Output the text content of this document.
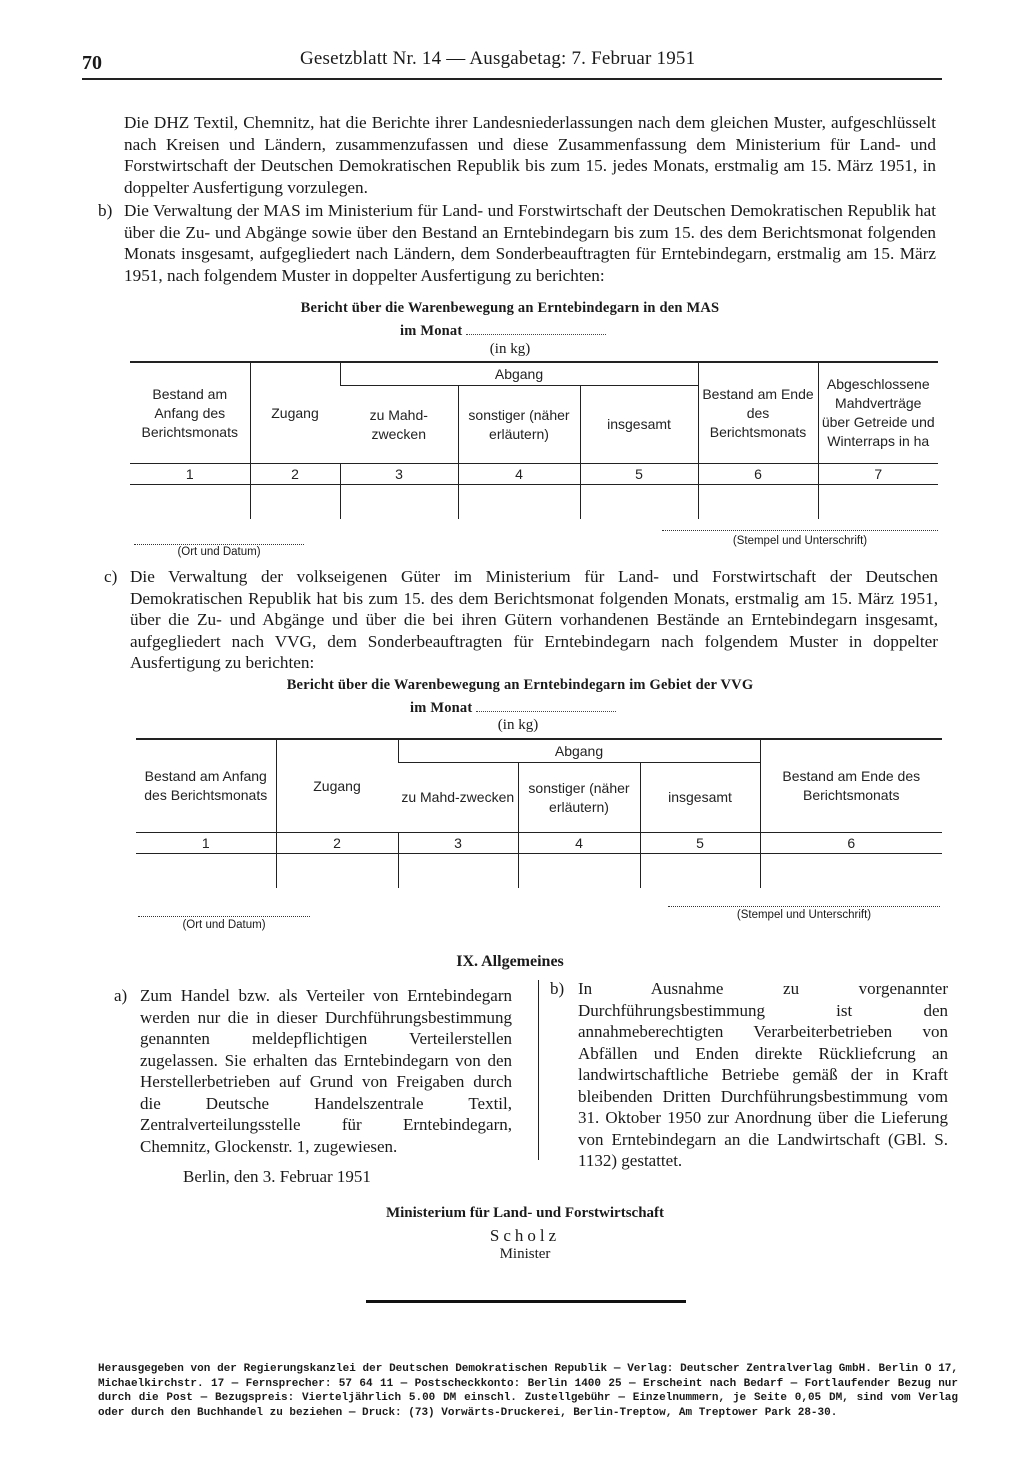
70	Gesetzblatt Nr. 14 — Ausgabetag: 7. Februar 1951

Die DHZ Textil, Chemnitz, hat die Berichte ihrer Landesniederlassungen nach dem gleichen Muster, aufgeschlüsselt nach Kreisen und Ländern, zusammenzufassen und diese Zusammenfassung dem Ministerium für Land- und Forstwirtschaft der Deutschen Demokratischen Republik bis zum 15. jedes Monats, erstmalig am 15. März 1951, in doppelter Ausfertigung vorzulegen.

b) Die Verwaltung der MAS im Ministerium für Land- und Forstwirtschaft der Deutschen Demokratischen Republik hat über die Zu- und Abgänge sowie über den Bestand an Erntebindegarn bis zum 15. des dem Berichtsmonat folgenden Monats insgesamt, aufgegliedert nach Ländern, dem Sonderbeauftragten für Erntebindegarn, erstmalig am 15. März 1951, nach folgendem Muster in doppelter Ausfertigung zu berichten:

Bericht über die Warenbewegung an Erntebindegarn in den MAS
im Monat
(in kg)
Bestand am Anfang des Berichtsmonats	Zugang	Abgang			Bestand am Ende des Berichtsmonats	Abgeschlossene Mahdverträge über Getreide und Winterraps in ha
		zu Mahd-zwecken	sonstiger (näher erläutern)	insgesamt		
1	2	3	4	5	6	7

(Ort und Datum)
(Stempel und Unterschrift)
c) Die Verwaltung der volkseigenen Güter im Ministerium für Land- und Forstwirtschaft der Deutschen Demokratischen Republik hat bis zum 15. des dem Berichtsmonat folgenden Monats, erstmalig am 15. März 1951, über die Zu- und Abgänge und über die bei ihren Gütern vorhandenen Bestände an Erntebindegarn insgesamt, aufgegliedert nach VVG, dem Sonderbeauftragten für Erntebindegarn nach folgendem Muster in doppelter Ausfertigung zu berichten:

Bericht über die Warenbewegung an Erntebindegarn im Gebiet der VVG
im Monat
(in kg)
Bestand am Anfang des Berichtsmonats	Zugang	Abgang			Bestand am Ende des Berichtsmonats
		zu Mahd-zwecken	sonstiger (näher erläutern)	insgesamt	
1	2	3	4	5	6

(Ort und Datum)
(Stempel und Unterschrift)
IX. Allgemeines
a) Zum Handel bzw. als Verteiler von Erntebindegarn werden nur die in dieser Durchführungsbestimmung genannten meldepflichtigen Verteilerstellen zugelassen. Sie erhalten das Erntebindegarn von den Herstellerbetrieben auf Grund von Freigaben durch die Deutsche Handelszentrale Textil, Zentralverteilungsstelle für Erntebindegarn, Chemnitz, Glockenstr. 1, zugewiesen.

b) In Ausnahme zu vorgenannter Durchführungsbestimmung ist den annahmeberechtigten Verarbeiterbetrieben von Abfällen und Enden direkte Rückliefcrung an landwirtschaftliche Betriebe gemäß der in Kraft bleibenden Dritten Durchführungsbestimmung vom 31. Oktober 1950 zur Anordnung über die Lieferung von Erntebindegarn an die Landwirtschaft (GBl. S. 1132) gestattet.

Berlin, den 3. Februar 1951
Ministerium für Land- und Forstwirtschaft
Scholz
Minister

Herausgegeben von der Regierungskanzlei der Deutschen Demokratischen Republik — Verlag: Deutscher Zentralverlag GmbH. Berlin O 17, Michaelkirchstr. 17 — Fernsprecher: 57 64 11 — Postscheckkonto: Berlin 1400 25 — Erscheint nach Bedarf — Fortlaufender Bezug nur durch die Post — Bezugspreis: Vierteljährlich 5.00 DM einschl. Zustellgebühr — Einzelnummern, je Seite 0,05 DM, sind vom Verlag oder durch den Buchhandel zu beziehen — Druck: (73) Vorwärts-Druckerei, Berlin-Treptow, Am Treptower Park 28-30.
